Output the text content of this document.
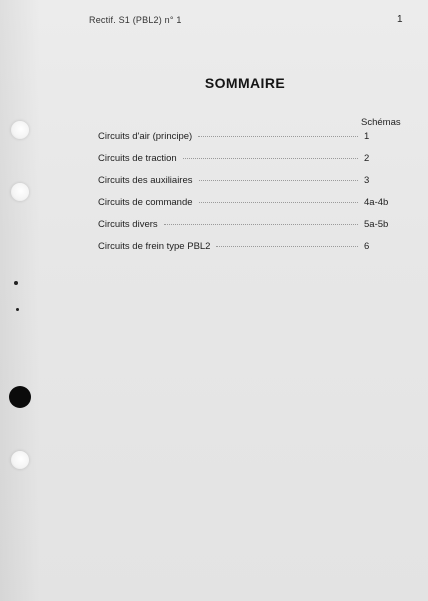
Rectif. S1 (PBL2) n° 1	1
SOMMAIRE
Schémas
Circuits d'air (principe)	1
Circuits de traction	2
Circuits des auxiliaires	3
Circuits de commande	4a-4b
Circuits divers	5a-5b
Circuits de frein type PBL2	6
